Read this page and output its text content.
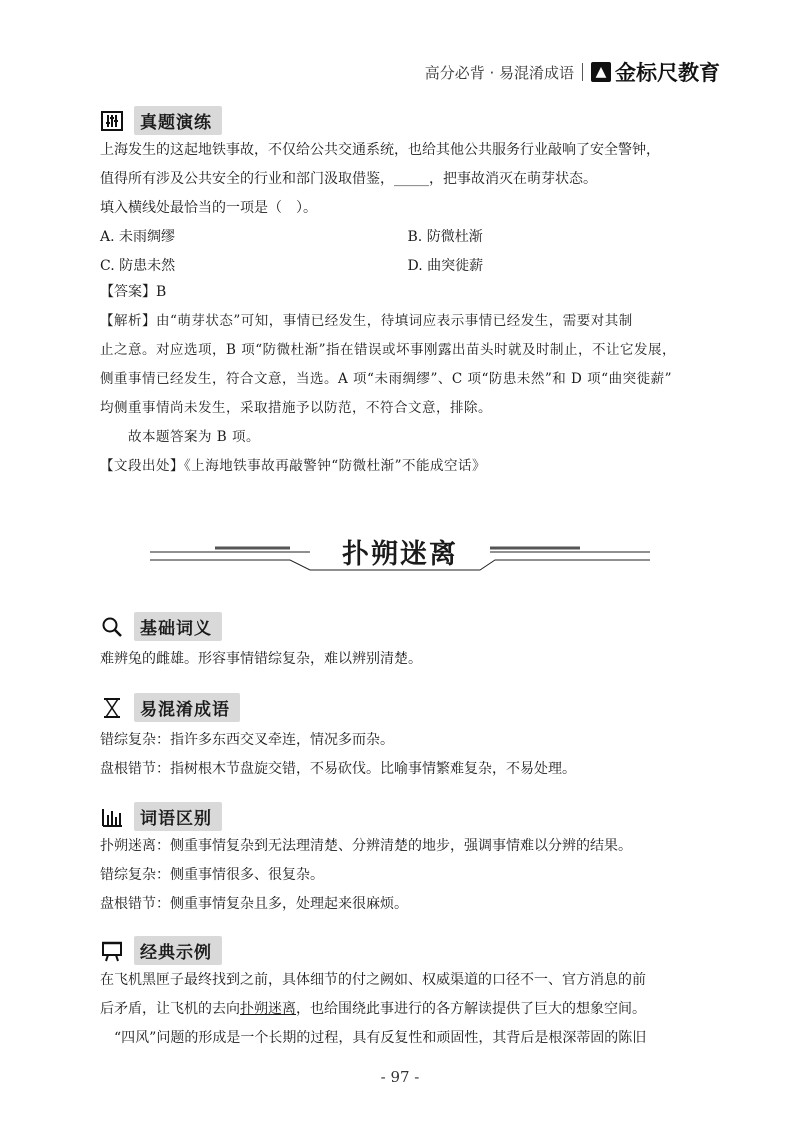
高分必背 · 易混淆成语	▲ 金标尺教育
真题演练
上海发生的这起地铁事故，不仅给公共交通系统，也给其他公共服务行业敲响了安全警钟，
值得所有涉及公共安全的行业和部门汲取借鉴，_____，把事故消灭在萌芽状态。
填入横线处最恰当的一项是（　）。
A. 未雨绸缪	B. 防微杜渐
C. 防患未然	D. 曲突徙薪
【答案】B
【解析】由“萌芽状态”可知，事情已经发生，待填词应表示事情已经发生，需要对其制
止之意。对应选项，B 项“防微杜渐”指在错误或坏事刚露出苗头时就及时制止，不让它发展，
侧重事情已经发生，符合文意，当选。A 项“未雨绸缪”、C 项“防患未然”和 D 项“曲突徙薪”
均侧重事情尚未发生，采取措施予以防范，不符合文意，排除。
故本题答案为 B 项。
【文段出处】《上海地铁事故再敲警钟“防微杜渐”不能成空话》
扑朔迷离
基础词义
难辨兔的雌雄。形容事情错综复杂，难以辨别清楚。
易混淆成语
错综复杂：指许多东西交叉牵连，情况多而杂。
盘根错节：指树根木节盘旋交错，不易砍伐。比喻事情繁难复杂，不易处理。
词语区别
扑朔迷离：侧重事情复杂到无法理清楚、分辨清楚的地步，强调事情难以分辨的结果。
错综复杂：侧重事情很多、很复杂。
盘根错节：侧重事情复杂且多，处理起来很麻烦。
经典示例
在飞机黑匣子最终找到之前，具体细节的付之阙如、权威渠道的口径不一、官方消息的前
后矛盾，让飞机的去向扑朔迷离，也给围绕此事进行的各方解读提供了巨大的想象空间。
“四风”问题的形成是一个长期的过程，具有反复性和顽固性，其背后是根深蒂固的陈旧
- 97 -
